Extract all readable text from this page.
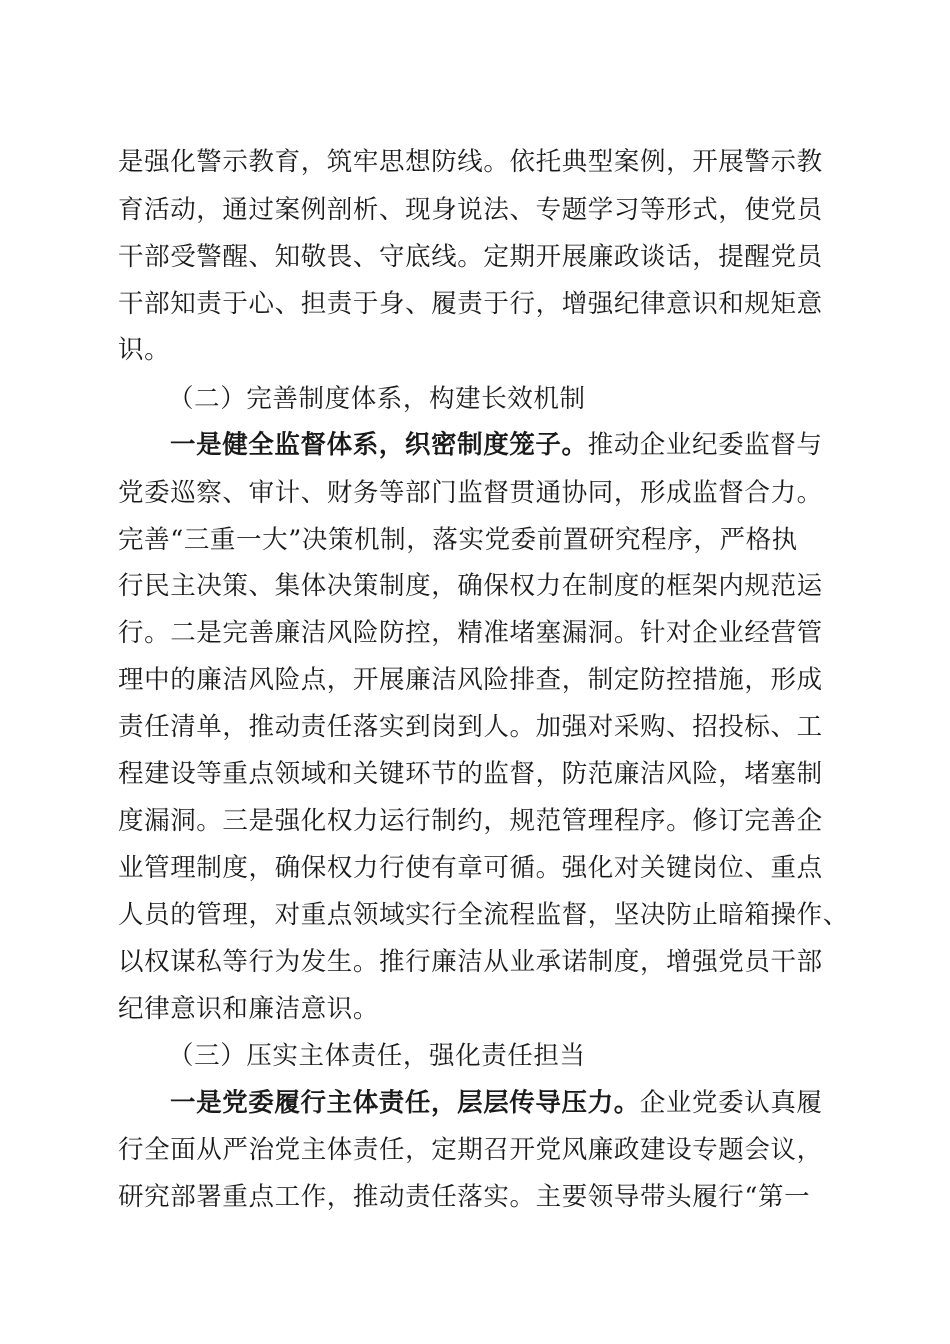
是强化警示教育，筑牢思想防线。依托典型案例，开展警示教
育活动，通过案例剖析、现身说法、专题学习等形式，使党员
干部受警醒、知敬畏、守底线。定期开展廉政谈话，提醒党员
干部知责于心、担责于身、履责于行，增强纪律意识和规矩意
识。
（二）完善制度体系，构建长效机制
一是健全监督体系，织密制度笼子。推动企业纪委监督与
党委巡察、审计、财务等部门监督贯通协同，形成监督合力。
完善“三重一大”决策机制，落实党委前置研究程序，严格执
行民主决策、集体决策制度，确保权力在制度的框架内规范运
行。二是完善廉洁风险防控，精准堵塞漏洞。针对企业经营管
理中的廉洁风险点，开展廉洁风险排查，制定防控措施，形成
责任清单，推动责任落实到岗到人。加强对采购、招投标、工
程建设等重点领域和关键环节的监督，防范廉洁风险，堵塞制
度漏洞。三是强化权力运行制约，规范管理程序。修订完善企
业管理制度，确保权力行使有章可循。强化对关键岗位、重点
人员的管理，对重点领域实行全流程监督，坚决防止暗箱操作、
以权谋私等行为发生。推行廉洁从业承诺制度，增强党员干部
纪律意识和廉洁意识。
（三）压实主体责任，强化责任担当
一是党委履行主体责任，层层传导压力。企业党委认真履
行全面从严治党主体责任，定期召开党风廉政建设专题会议，
研究部署重点工作，推动责任落实。主要领导带头履行“第一
